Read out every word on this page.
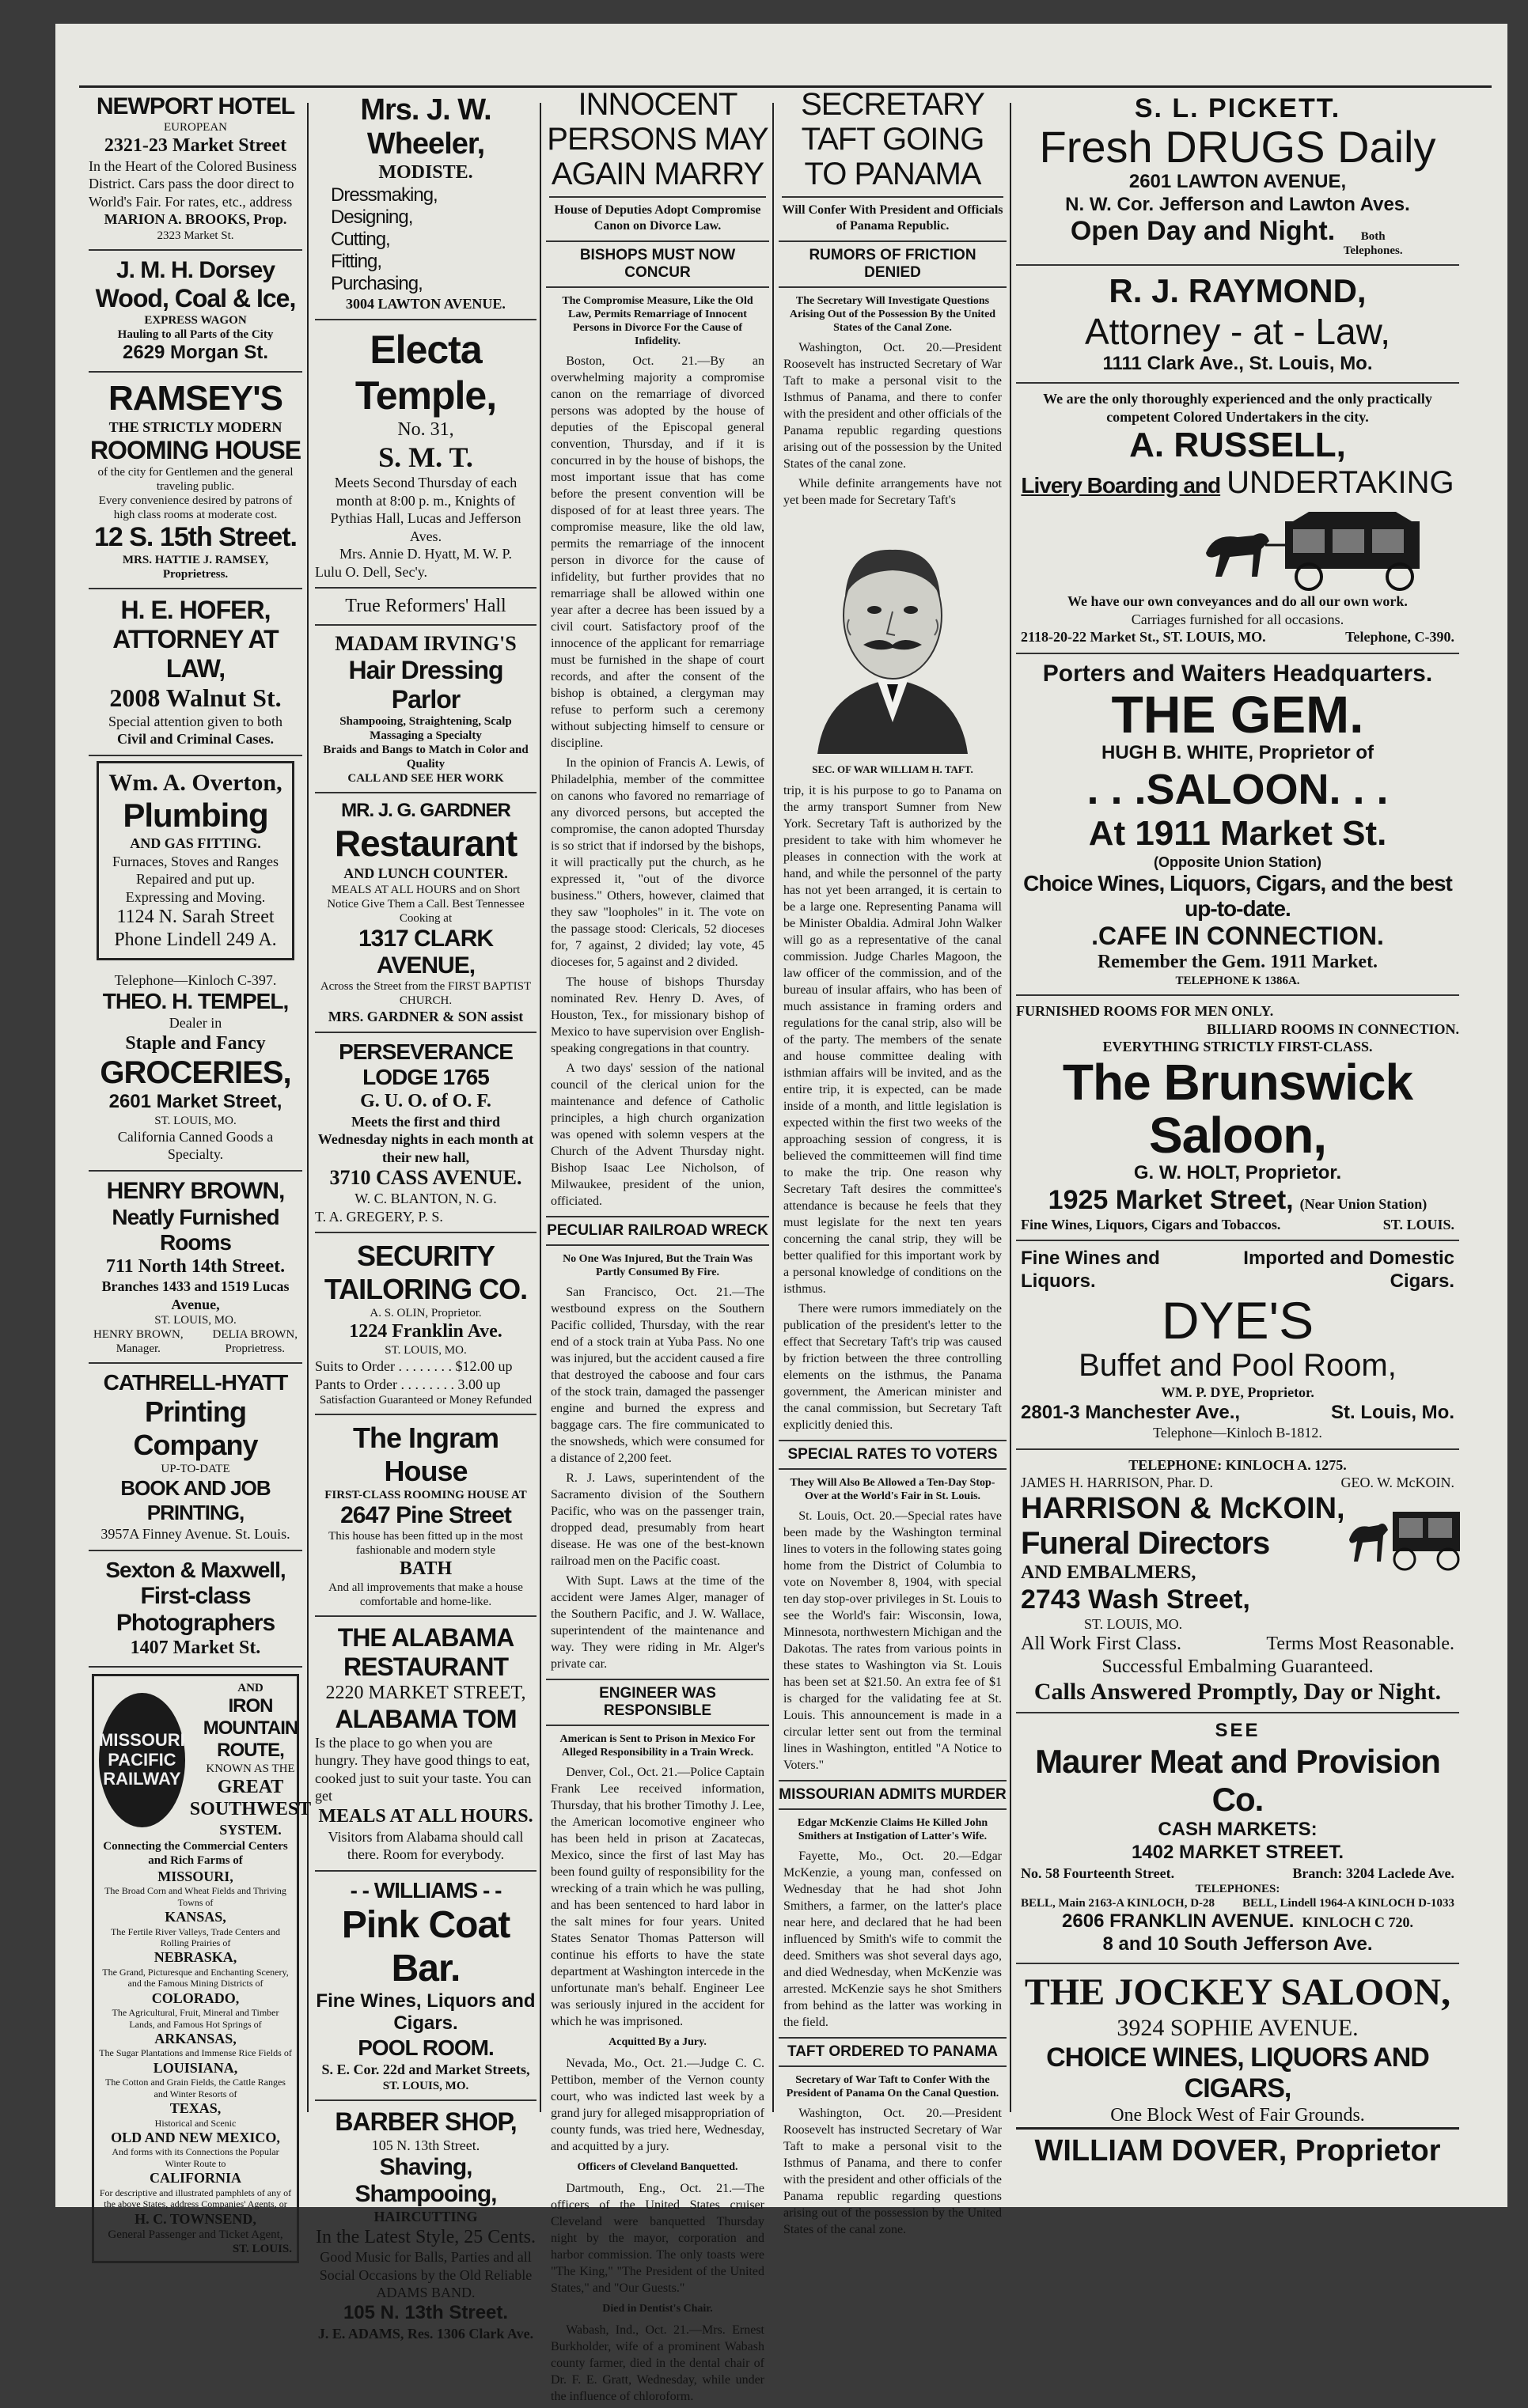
NEWPORT HOTEL
EUROPEAN
2321-23 Market Street
In the Heart of the Colored Business District. Cars pass the door direct to World's Fair. For rates, etc., address
MARION A. BROOKS, Prop.
2323 Market St.
J. M. H. Dorsey
Wood, Coal & Ice,
EXPRESS WAGON
Hauling to all Parts of the City
2629 Morgan St.
RAMSEY'S
THE STRICTLY MODERN
ROOMING HOUSE
of the city for Gentlemen and the general traveling public.
Every convenience desired by patrons of high class rooms at moderate cost.
12 S. 15th Street.
MRS. HATTIE J. RAMSEY, Proprietress.
H. E. HOFER,
ATTORNEY AT LAW,
2008 Walnut St.
Special attention given to both
Civil and Criminal Cases.
Wm. A. Overton,
Plumbing
AND GAS FITTING.
Furnaces, Stoves and Ranges Repaired and put up. Expressing and Moving.
1124 N. Sarah Street
Phone Lindell 249 A.
Telephone—Kinloch C-397.
THEO. H. TEMPEL,
Dealer in
Staple and Fancy
GROCERIES,
2601 Market Street,
ST. LOUIS, MO.
California Canned Goods a Specialty.
HENRY BROWN,
Neatly Furnished Rooms
711 North 14th Street.
Branches 1433 and 1519 Lucas Avenue,
ST. LOUIS, MO.
HENRY BROWN,
Manager.
DELIA BROWN,
Proprietress.
CATHRELL-HYATT
Printing Company
UP-TO-DATE
BOOK AND JOB PRINTING,
3957A Finney Avenue. St. Louis.
Sexton & Maxwell,
First-class Photographers
1407 Market St.
MISSOURI PACIFIC RAILWAY
AND
IRON MOUNTAIN ROUTE,
KNOWN AS THE
GREAT
SOUTHWEST
SYSTEM.
Connecting the Commercial Centers and Rich Farms of
MISSOURI,
The Broad Corn and Wheat Fields and Thriving Towns of
KANSAS,
The Fertile River Valleys, Trade Centers and Rolling Prairies of
NEBRASKA,
The Grand, Picturesque and Enchanting Scenery, and the Famous Mining Districts of
COLORADO,
The Agricultural, Fruit, Mineral and Timber Lands, and Famous Hot Springs of
ARKANSAS,
The Sugar Plantations and Immense Rice Fields of
LOUISIANA,
The Cotton and Grain Fields, the Cattle Ranges and Winter Resorts of
TEXAS,
Historical and Scenic
OLD AND NEW MEXICO,
And forms with its Connections the Popular Winter Route to
CALIFORNIA
For descriptive and illustrated pamphlets of any of the above States, address Companies' Agents, or
H. C. TOWNSEND,
General Passenger and Ticket Agent,
ST. LOUIS.
Mrs. J. W. Wheeler,
MODISTE.
Dressmaking,
Designing,
Cutting,
Fitting,
Purchasing,
3004 LAWTON AVENUE.
Electa Temple,
No. 31,
S. M. T.
Meets Second Thursday of each month at 8:00 p. m., Knights of Pythias Hall, Lucas and Jefferson Aves.
Mrs. Annie D. Hyatt, M. W. P.
Lulu O. Dell, Sec'y.
True Reformers' Hall
MADAM IRVING'S
Hair Dressing Parlor
Shampooing, Straightening, Scalp Massaging a Specialty
Braids and Bangs to Match in Color and Quality
CALL AND SEE HER WORK
MR. J. G. GARDNER
Restaurant
AND LUNCH COUNTER.
MEALS AT ALL HOURS and on Short Notice Give Them a Call. Best Tennessee Cooking at
1317 CLARK AVENUE,
Across the Street from the FIRST BAPTIST CHURCH.
MRS. GARDNER & SON assist
PERSEVERANCE LODGE 1765
G. U. O. of O. F.
Meets the first and third Wednesday nights in each month at their new hall,
3710 CASS AVENUE.
W. C. BLANTON, N. G.
T. A. GREGERY, P. S.
SECURITY
TAILORING CO.
A. S. OLIN, Proprietor.
1224 Franklin Ave.
ST. LOUIS, MO.
Suits to Order . . . . . . . . $12.00 up
Pants to Order . . . . . . . . 3.00 up
Satisfaction Guaranteed or Money Refunded
The Ingram House
FIRST-CLASS ROOMING HOUSE AT
2647 Pine Street
This house has been fitted up in the most fashionable and modern style
BATH
And all improvements that make a house comfortable and home-like.
THE ALABAMA RESTAURANT
2220 MARKET STREET,
ALABAMA TOM
Is the place to go when you are hungry. They have good things to eat, cooked just to suit your taste. You can get
MEALS AT ALL HOURS.
Visitors from Alabama should call there. Room for everybody.
- - WILLIAMS - -
Pink Coat Bar.
Fine Wines, Liquors and Cigars.
POOL ROOM.
S. E. Cor. 22d and Market Streets,
ST. LOUIS, MO.
BARBER SHOP,
105 N. 13th Street.
Shaving, Shampooing,
HAIRCUTTING
In the Latest Style, 25 Cents.
Good Music for Balls, Parties and all Social Occasions by the Old Reliable ADAMS BAND.
105 N. 13th Street.
J. E. ADAMS, Res. 1306 Clark Ave.
INNOCENT PERSONS MAY AGAIN MARRY
House of Deputies Adopt Compromise Canon on Divorce Law.
BISHOPS MUST NOW CONCUR
The Compromise Measure, Like the Old Law, Permits Remarriage of Innocent Persons in Divorce For the Cause of Infidelity.

Boston, Oct. 21.—By an overwhelming majority a compromise canon on the remarriage of divorced persons was adopted by the house of deputies of the Episcopal general convention, Thursday, and if it is concurred in by the house of bishops, the most important issue that has come before the present convention will be disposed of for at least three years. The compromise measure, like the old law, permits the remarriage of the innocent person in divorce for the cause of infidelity, but further provides that no remarriage shall be allowed within one year after a decree has been issued by a civil court. Satisfactory proof of the innocence of the applicant for remarriage must be furnished in the shape of court records, and after the consent of the bishop is obtained, a clergyman may refuse to perform such a ceremony without subjecting himself to censure or discipline.

In the opinion of Francis A. Lewis, of Philadelphia, member of the committee on canons who favored no remarriage of any divorced persons, but accepted the compromise, the canon adopted Thursday is so strict that if indorsed by the bishops, it will practically put the church, as he expressed it, "out of the divorce business." Others, however, claimed that they saw "loopholes" in it. The vote on the passage stood: Clericals, 52 dioceses for, 7 against, 2 divided; lay vote, 45 dioceses for, 5 against and 2 divided.

The house of bishops Thursday nominated Rev. Henry D. Aves, of Houston, Tex., for missionary bishop of Mexico to have supervision over English-speaking congregations in that country.

A two days' session of the national council of the clerical union for the maintenance and defence of Catholic principles, a high church organization was opened with solemn vespers at the Church of the Advent Thursday night. Bishop Isaac Lee Nicholson, of Milwaukee, president of the union, officiated.

PECULIAR RAILROAD WRECK
No One Was Injured, But the Train Was Partly Consumed By Fire.

San Francisco, Oct. 21.—The westbound express on the Southern Pacific collided, Thursday, with the rear end of a stock train at Yuba Pass. No one was injured, but the accident caused a fire that destroyed the caboose and four cars of the stock train, damaged the passenger engine and burned the express and baggage cars. The fire communicated to the snowsheds, which were consumed for a distance of 2,200 feet.

R. J. Laws, superintendent of the Sacramento division of the Southern Pacific, who was on the passenger train, dropped dead, presumably from heart disease. He was one of the best-known railroad men on the Pacific coast.

With Supt. Laws at the time of the accident were James Alger, manager of the Southern Pacific, and J. W. Wallace, superintendent of the maintenance and way. They were riding in Mr. Alger's private car.

ENGINEER WAS RESPONSIBLE
American is Sent to Prison in Mexico For Alleged Responsibility in a Train Wreck.

Denver, Col., Oct. 21.—Police Captain Frank Lee received information, Thursday, that his brother Timothy J. Lee, the American locomotive engineer who has been held in prison at Zacatecas, Mexico, since the first of last May has been found guilty of responsibility for the wrecking of a train which he was pulling, and has been sentenced to hard labor in the salt mines for four years. United States Senator Thomas Patterson will continue his efforts to have the state department at Washington intercede in the unfortunate man's behalf. Engineer Lee was seriously injured in the accident for which he was imprisoned.

Acquitted By a Jury.

Nevada, Mo., Oct. 21.—Judge C. C. Pettibon, member of the Vernon county court, who was indicted last week by a grand jury for alleged misappropriation of county funds, was tried here, Wednesday, and acquitted by a jury.

Officers of Cleveland Banquetted.

Dartmouth, Eng., Oct. 21.—The officers of the United States cruiser Cleveland were banquetted Thursday night by the mayor, corporation and harbor commission. The only toasts were "The King," "The President of the United States," and "Our Guests."

Died in Dentist's Chair.

Wabash, Ind., Oct. 21.—Mrs. Ernest Burkholder, wife of a prominent Wabash county farmer, died in the dental chair of Dr. F. E. Gratt, Wednesday, while under the influence of chloroform.

SECRETARY TAFT GOING TO PANAMA
Will Confer With President and Officials of Panama Republic.
RUMORS OF FRICTION DENIED
The Secretary Will Investigate Questions Arising Out of the Possession By the United States of the Canal Zone.

Washington, Oct. 20.—President Roosevelt has instructed Secretary of War Taft to make a personal visit to the Isthmus of Panama, and there to confer with the president and other officials of the Panama republic regarding questions arising out of the possession by the United States of the canal zone.

While definite arrangements have not yet been made for Secretary Taft's

SEC. OF WAR WILLIAM H. TAFT.

trip, it is his purpose to go to Panama on the army transport Sumner from New York. Secretary Taft is authorized by the president to take with him whomever he pleases in connection with the work at hand, and while the personnel of the party has not yet been arranged, it is certain to be a large one. Representing Panama will be Minister Obaldia. Admiral John Walker will go as a representative of the canal commission. Judge Charles Magoon, the law officer of the commission, and of the bureau of insular affairs, who has been of much assistance in framing orders and regulations for the canal strip, also will be of the party. The members of the senate and house committee dealing with isthmian affairs will be invited, and as the entire trip, it is expected, can be made inside of a month, and little legislation is expected within the first two weeks of the approaching session of congress, it is believed the committeemen will find time to make the trip. One reason why Secretary Taft desires the committee's attendance is because he feels that they must legislate for the next ten years concerning the canal strip, they will be better qualified for this important work by a personal knowledge of conditions on the isthmus.

There were rumors immediately on the publication of the president's letter to the effect that Secretary Taft's trip was caused by friction between the three controlling elements on the isthmus, the Panama government, the American minister and the canal commission, but Secretary Taft explicitly denied this.

SPECIAL RATES TO VOTERS
They Will Also Be Allowed a Ten-Day Stop-Over at the World's Fair in St. Louis.

St. Louis, Oct. 20.—Special rates have been made by the Washington terminal lines to voters in the following states going home from the District of Columbia to vote on November 8, 1904, with special ten day stop-over privileges in St. Louis to see the World's fair: Wisconsin, Iowa, Minnesota, northwestern Michigan and the Dakotas. The rates from various points in these states to Washington via St. Louis has been set at $21.50. An extra fee of $1 is charged for the validating fee at St. Louis. This announcement is made in a circular letter sent out from the terminal lines in Washington, entitled "A Notice to Voters."

MISSOURIAN ADMITS MURDER
Edgar McKenzie Claims He Killed John Smithers at Instigation of Latter's Wife.

Fayette, Mo., Oct. 20.—Edgar McKenzie, a young man, confessed on Wednesday that he had shot John Smithers, a farmer, on the latter's place near here, and declared that he had been influenced by Smith's wife to commit the deed. Smithers was shot several days ago, and died Wednesday, when McKenzie was arrested. McKenzie says he shot Smithers from behind as the latter was working in the field.

TAFT ORDERED TO PANAMA
Secretary of War Taft to Confer With the President of Panama On the Canal Question.

Washington, Oct. 20.—President Roosevelt has instructed Secretary of War Taft to make a personal visit to the Isthmus of Panama, and there to confer with the president and other officials of the Panama republic regarding questions arising out of the possession by the United States of the canal zone.

S. L. PICKETT.
Fresh DRUGS Daily
2601 LAWTON AVENUE,
N. W. Cor. Jefferson and Lawton Aves.
Open Day and Night.	Both Telephones.
R. J. RAYMOND,
Attorney - at - Law,
1111 Clark Ave., St. Louis, Mo.
We are the only thoroughly experienced and the only practically competent Colored Undertakers in the city.
A. RUSSELL,
Livery Boarding and UNDERTAKING
We have our own conveyances and do all our own work.
Carriages furnished for all occasions.
2118-20-22 Market St., ST. LOUIS, MO.	Telephone, C-390.
Porters and Waiters Headquarters.
THE GEM.
HUGH B. WHITE, Proprietor of
. . .SALOON. . .
At 1911 Market St.
(Opposite Union Station)
Choice Wines, Liquors, Cigars, and the best up-to-date.
.CAFE IN CONNECTION.
Remember the Gem. 1911 Market.
TELEPHONE K 1386A.
FURNISHED ROOMS FOR MEN ONLY.
BILLIARD ROOMS IN CONNECTION.
EVERYTHING STRICTLY FIRST-CLASS.
The Brunswick Saloon,
G. W. HOLT, Proprietor.
1925 Market Street, (Near Union Station)
Fine Wines, Liquors, Cigars and Tobaccos.	ST. LOUIS.
Fine Wines and Liquors.
Imported and Domestic Cigars.
DYE'S
Buffet and Pool Room,
WM. P. DYE, Proprietor.
2801-3 Manchester Ave.,	St. Louis, Mo.
Telephone—Kinloch B-1812.
TELEPHONE: KINLOCH A. 1275.
JAMES H. HARRISON, Phar. D.	GEO. W. McKOIN.
HARRISON & McKOIN,
Funeral Directors
AND EMBALMERS,
2743 Wash Street,
ST. LOUIS, MO.
All Work First Class.	Terms Most Reasonable.
Successful Embalming Guaranteed.
Calls Answered Promptly, Day or Night.
SEE
Maurer Meat and Provision Co.
CASH MARKETS:
1402 MARKET STREET.
No. 58 Fourteenth Street.	Branch: 3204 Laclede Ave.
TELEPHONES:
BELL, Main 2163-A KINLOCH, D-28 BELL, Lindell 1964-A KINLOCH D-1033
2606 FRANKLIN AVENUE. KINLOCH C 720.
8 and 10 South Jefferson Ave.
THE JOCKEY SALOON,
3924 SOPHIE AVENUE.
CHOICE WINES, LIQUORS AND CIGARS,
One Block West of Fair Grounds.
WILLIAM DOVER, Proprietor
